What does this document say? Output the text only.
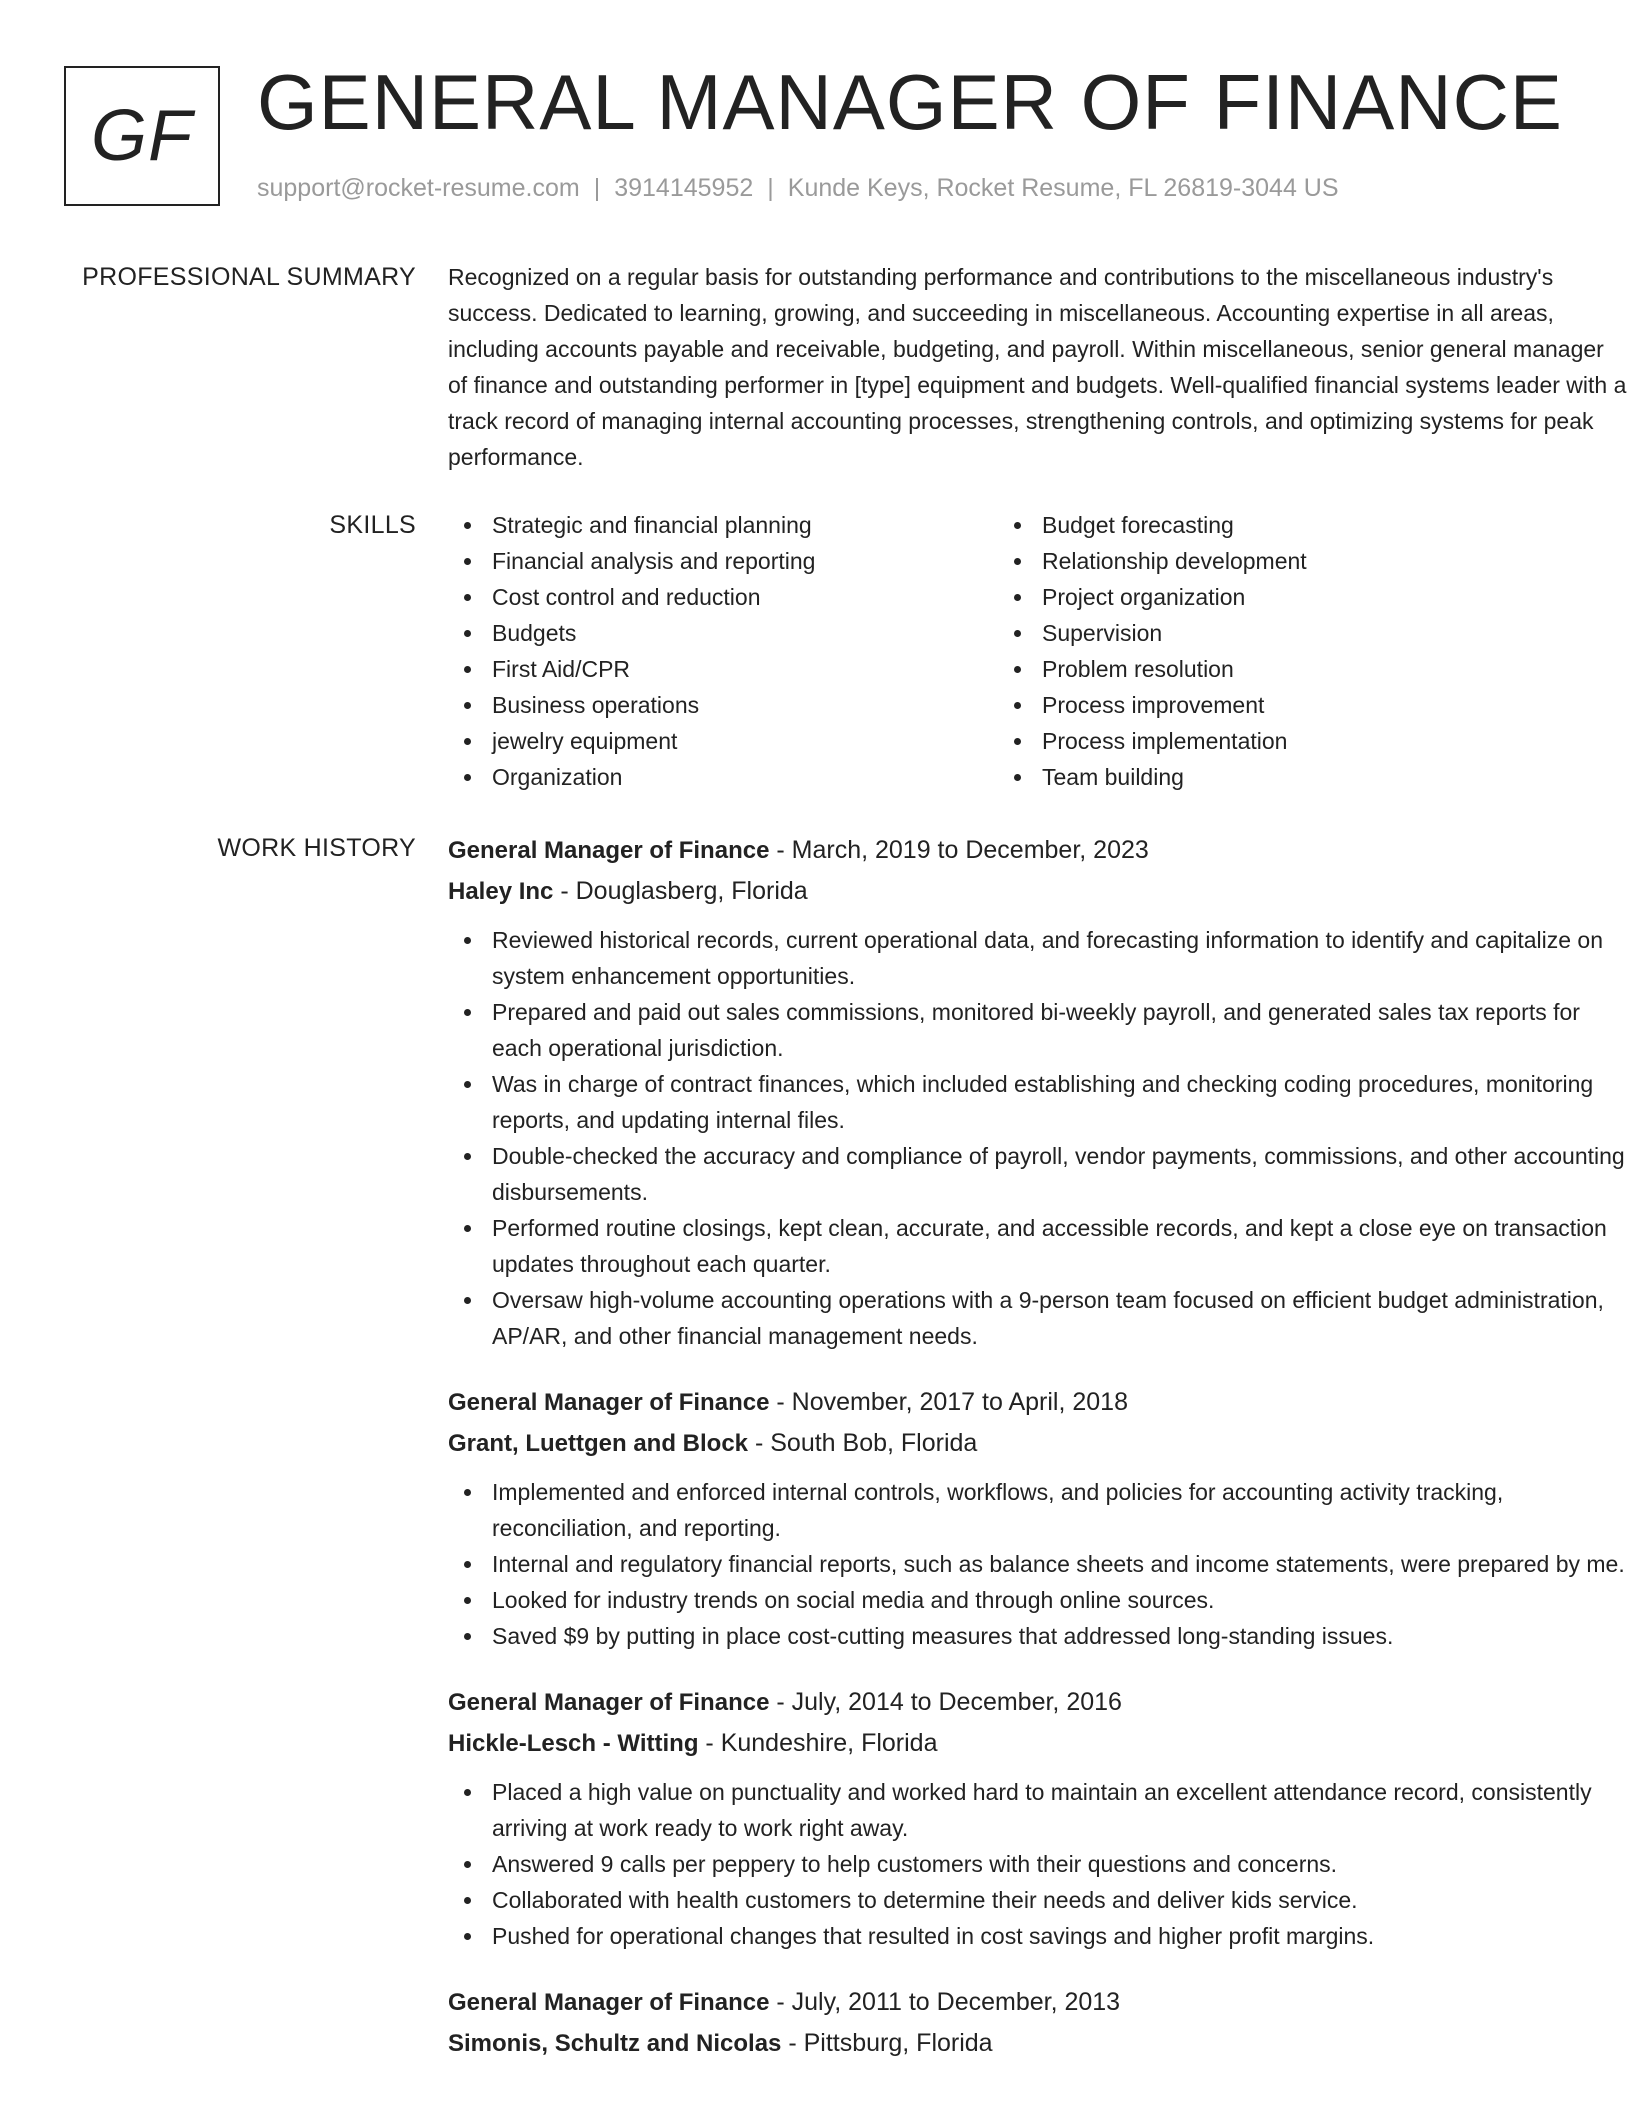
GF GENERAL MANAGER OF FINANCE
support@rocket-resume.com | 3914145952 | Kunde Keys, Rocket Resume, FL 26819-3044 US
PROFESSIONAL SUMMARY Recognized on a regular basis for outstanding performance and contributions to the miscellaneous industry's success. Dedicated to learning, growing, and succeeding in miscellaneous. Accounting expertise in all areas, including accounts payable and receivable, budgeting, and payroll. Within miscellaneous, senior general manager of finance and outstanding performer in [type] equipment and budgets. Well-qualified financial systems leader with a track record of managing internal accounting processes, strengthening controls, and optimizing systems for peak performance.

SKILLS	Strategic and financial planning
Financial analysis and reporting
Cost control and reduction
Budgets
First Aid/CPR
Business operations
jewelry equipment
Organization
Budget forecasting
Relationship development
Project organization
Supervision
Problem resolution
Process improvement
Process implementation
Team building
WORK HISTORY General Manager of Finance - March, 2019 to December, 2023
Haley Inc - Douglasberg, Florida
Reviewed historical records, current operational data, and forecasting information to identify and capitalize on system enhancement opportunities.
Prepared and paid out sales commissions, monitored bi-weekly payroll, and generated sales tax reports for each operational jurisdiction.
Was in charge of contract finances, which included establishing and checking coding procedures, monitoring reports, and updating internal files.
Double-checked the accuracy and compliance of payroll, vendor payments, commissions, and other accounting disbursements.
Performed routine closings, kept clean, accurate, and accessible records, and kept a close eye on transaction updates throughout each quarter.
Oversaw high-volume accounting operations with a 9-person team focused on efficient budget administration, AP/AR, and other financial management needs.
General Manager of Finance - November, 2017 to April, 2018
Grant, Luettgen and Block - South Bob, Florida
Implemented and enforced internal controls, workflows, and policies for accounting activity tracking, reconciliation, and reporting.
Internal and regulatory financial reports, such as balance sheets and income statements, were prepared by me.
Looked for industry trends on social media and through online sources.
Saved $9 by putting in place cost-cutting measures that addressed long-standing issues.
General Manager of Finance - July, 2014 to December, 2016
Hickle-Lesch - Witting - Kundeshire, Florida
Placed a high value on punctuality and worked hard to maintain an excellent attendance record, consistently arriving at work ready to work right away.
Answered 9 calls per peppery to help customers with their questions and concerns.
Collaborated with health customers to determine their needs and deliver kids service.
Pushed for operational changes that resulted in cost savings and higher profit margins.
General Manager of Finance - July, 2011 to December, 2013
Simonis, Schultz and Nicolas - Pittsburg, Florida
